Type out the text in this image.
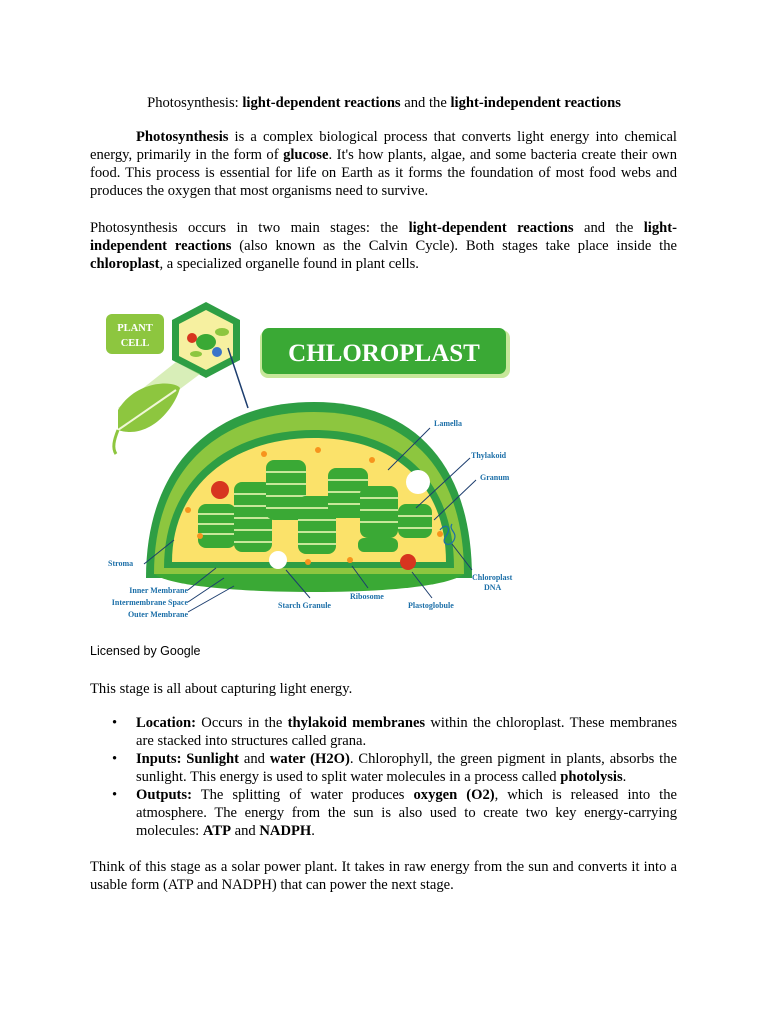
Photosynthesis: light-dependent reactions and the light-independent reactions
Photosynthesis is a complex biological process that converts light energy into chemical energy, primarily in the form of glucose. It's how plants, algae, and some bacteria create their own food. This process is essential for life on Earth as it forms the foundation of most food webs and produces the oxygen that most organisms need to survive.
Photosynthesis occurs in two main stages: the light-dependent reactions and the light-independent reactions (also known as the Calvin Cycle). Both stages take place inside the chloroplast, a specialized organelle found in plant cells.
PLANT
CELL	CHLOROPLAST
Lamella
Thylakoid
Granum
Stroma
Chloroplast
DNA
Inner Membrane
Intermembrane Space
Outer Membrane
Starch Granule
Ribosome
Plastoglobule
Licensed by Google
This stage is all about capturing light energy.
• Location: Occurs in the thylakoid membranes within the chloroplast. These membranes are stacked into structures called grana.
• Inputs: Sunlight and water (H2O). Chlorophyll, the green pigment in plants, absorbs the sunlight. This energy is used to split water molecules in a process called photolysis.
• Outputs: The splitting of water produces oxygen (O2), which is released into the atmosphere. The energy from the sun is also used to create two key energy-carrying molecules: ATP and NADPH.
Think of this stage as a solar power plant. It takes in raw energy from the sun and converts it into a usable form (ATP and NADPH) that can power the next stage.
